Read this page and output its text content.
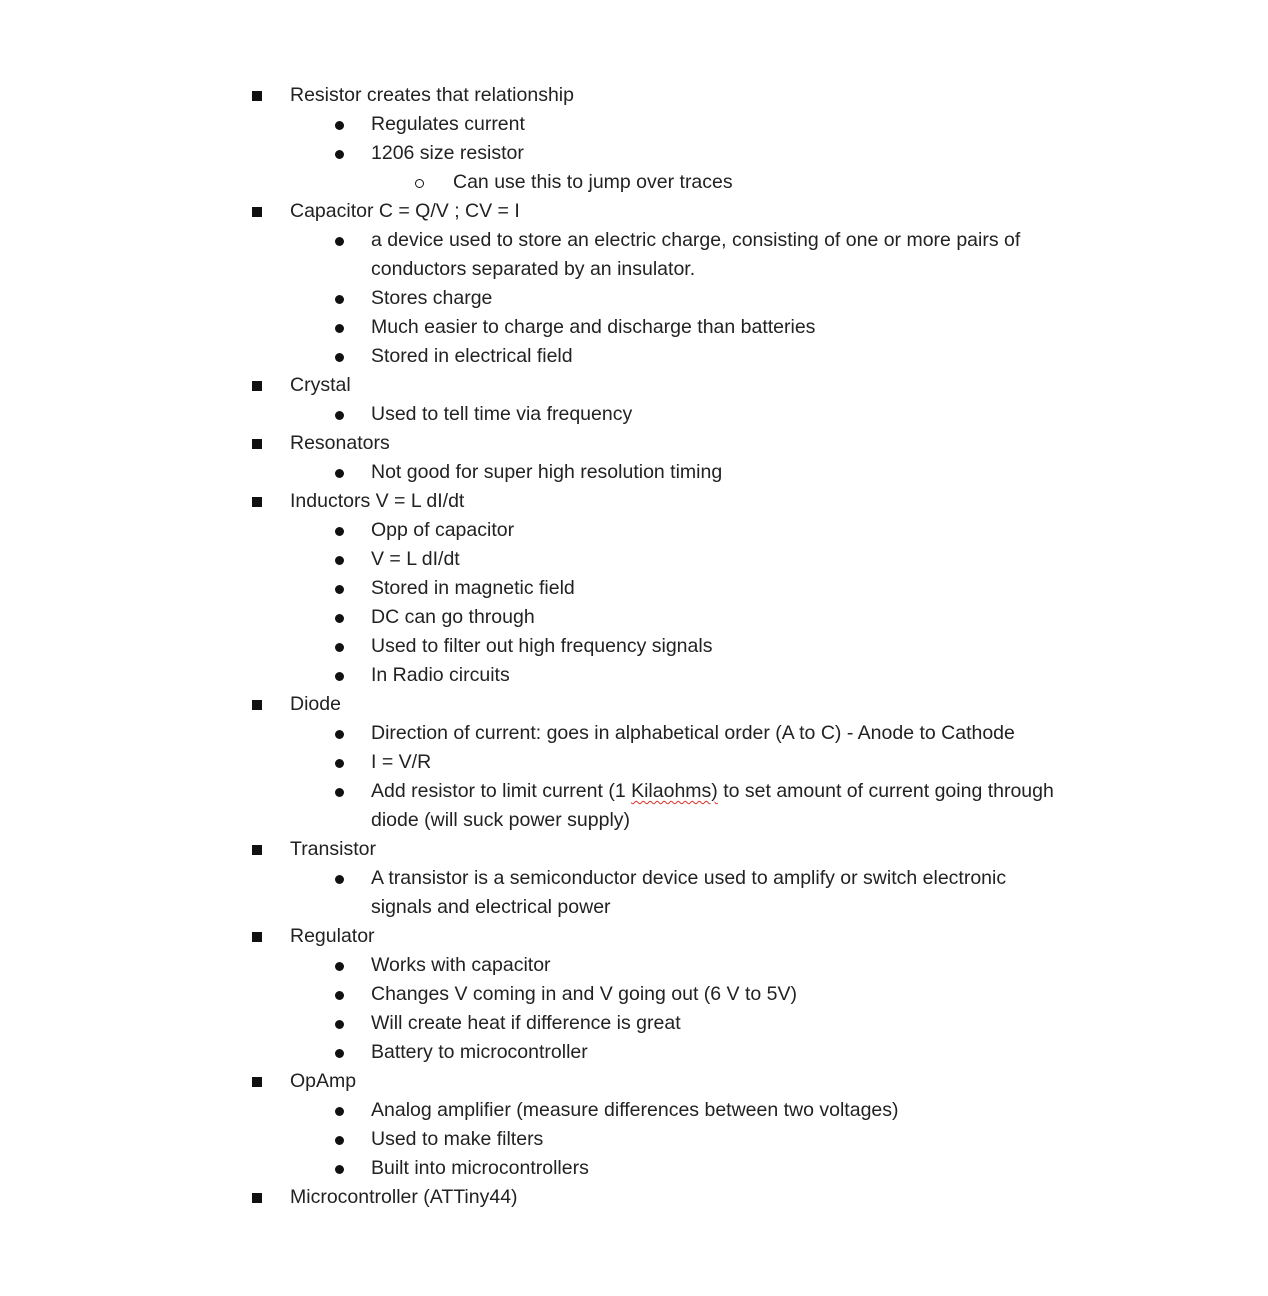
Resistor creates that relationship
Regulates current
1206 size resistor
Can use this to jump over traces
Capacitor C = Q/V ; CV = I
a device used to store an electric charge, consisting of one or more pairs of
conductors separated by an insulator.
Stores charge
Much easier to charge and discharge than batteries
Stored in electrical field
Crystal
Used to tell time via frequency
Resonators
Not good for super high resolution timing
Inductors V = L dI/dt
Opp of capacitor
V = L dI/dt
Stored in magnetic field
DC can go through
Used to filter out high frequency signals
In Radio circuits
Diode
Direction of current: goes in alphabetical order (A to C) - Anode to Cathode
I = V/R
Add resistor to limit current (1 Kilaohms) to set amount of current going through
diode (will suck power supply)
Transistor
A transistor is a semiconductor device used to amplify or switch electronic
signals and electrical power
Regulator
Works with capacitor
Changes V coming in and V going out (6 V to 5V)
Will create heat if difference is great
Battery to microcontroller
OpAmp
Analog amplifier (measure differences between two voltages)
Used to make filters
Built into microcontrollers
Microcontroller (ATTiny44)
